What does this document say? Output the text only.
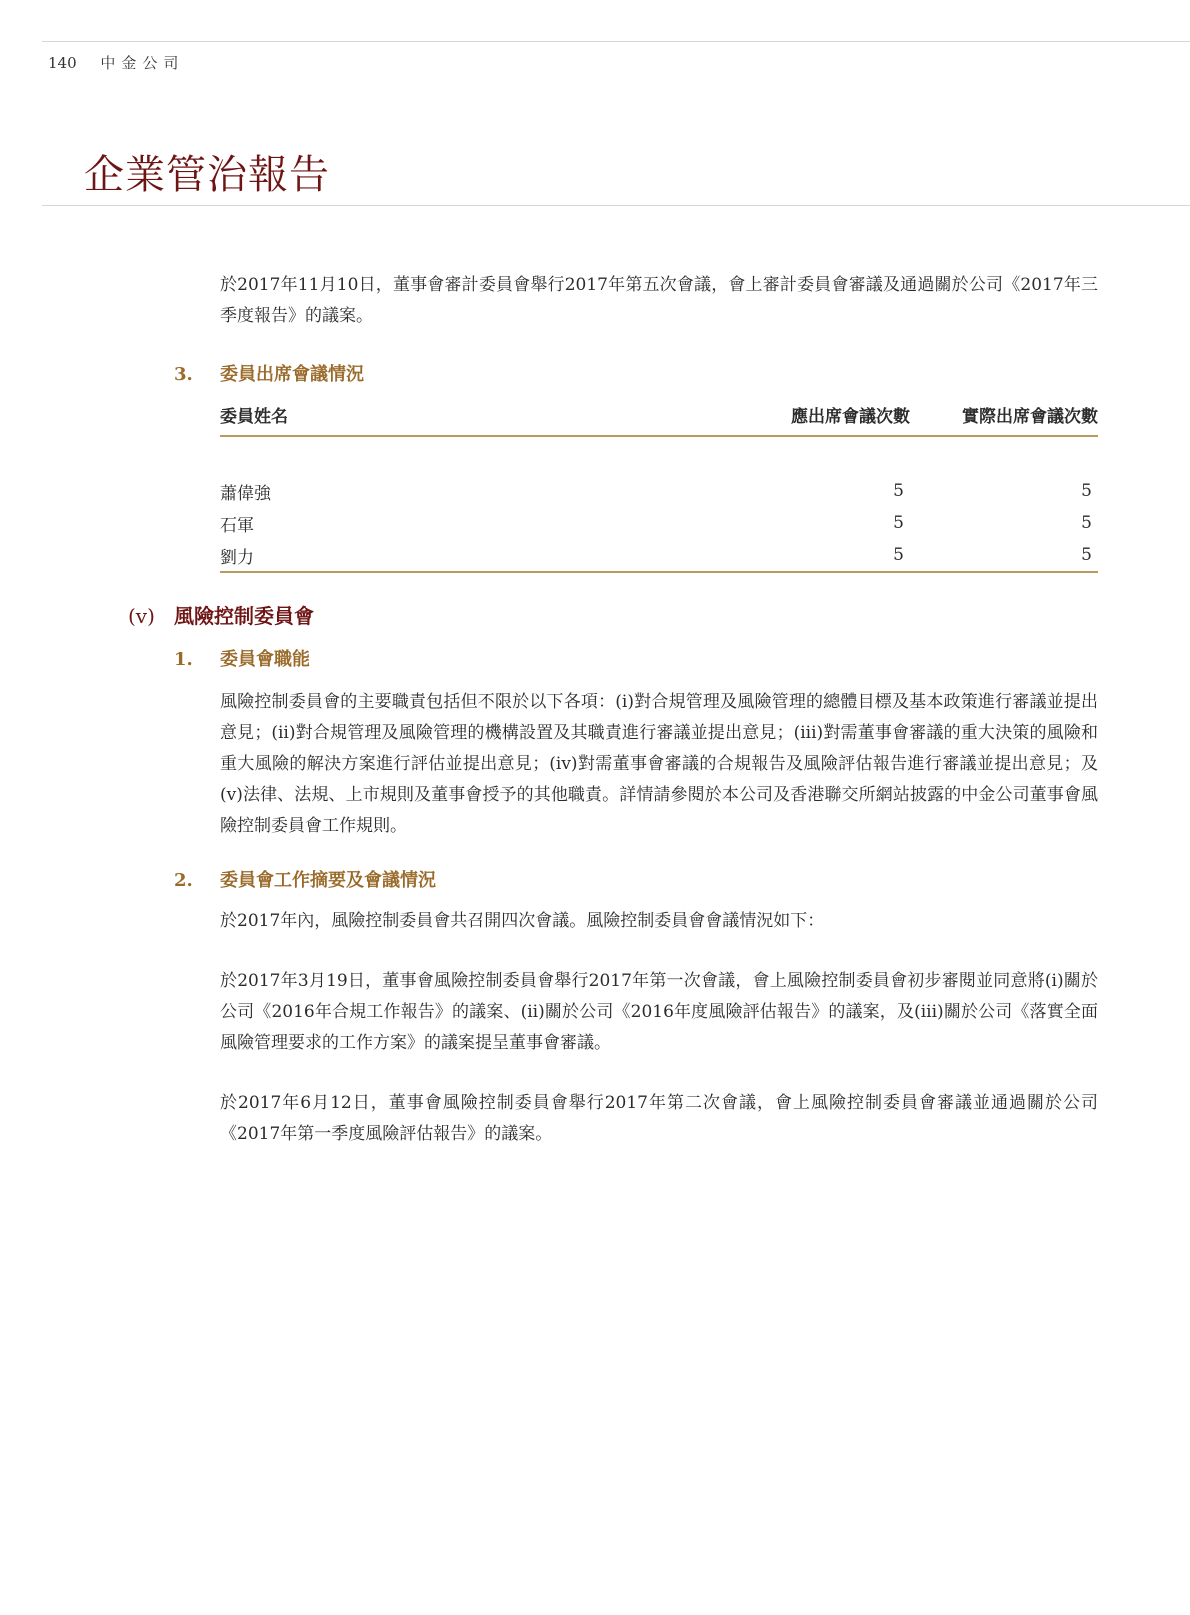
140 中金公司
企業管治報告

於2017年11月10日，董事會審計委員會舉行2017年第五次會議，會上審計委員會審議及通過關於公司《2017年三季度報告》的議案。

3. 委員出席會議情況
委員姓名	應出席會議次數	實際出席會議次數

蕭偉強	5	5
石軍	5	5
劉力	5	5
(v) 風險控制委員會
1. 委員會職能

風險控制委員會的主要職責包括但不限於以下各項：(i)對合規管理及風險管理的總體目標及基本政策進行審議並提出意見；(ii)對合規管理及風險管理的機構設置及其職責進行審議並提出意見；(iii)對需董事會審議的重大決策的風險和重大風險的解決方案進行評估並提出意見；(iv)對需董事會審議的合規報告及風險評估報告進行審議並提出意見；及(v)法律、法規、上市規則及董事會授予的其他職責。詳情請參閱於本公司及香港聯交所網站披露的中金公司董事會風險控制委員會工作規則。

2. 委員會工作摘要及會議情況

於2017年內，風險控制委員會共召開四次會議。風險控制委員會會議情況如下：

於2017年3月19日，董事會風險控制委員會舉行2017年第一次會議，會上風險控制委員會初步審閱並同意將(i)關於公司《2016年合規工作報告》的議案、(ii)關於公司《2016年度風險評估報告》的議案，及(iii)關於公司《落實全面風險管理要求的工作方案》的議案提呈董事會審議。

於2017年6月12日，董事會風險控制委員會舉行2017年第二次會議，會上風險控制委員會審議並通過關於公司《2017年第一季度風險評估報告》的議案。
